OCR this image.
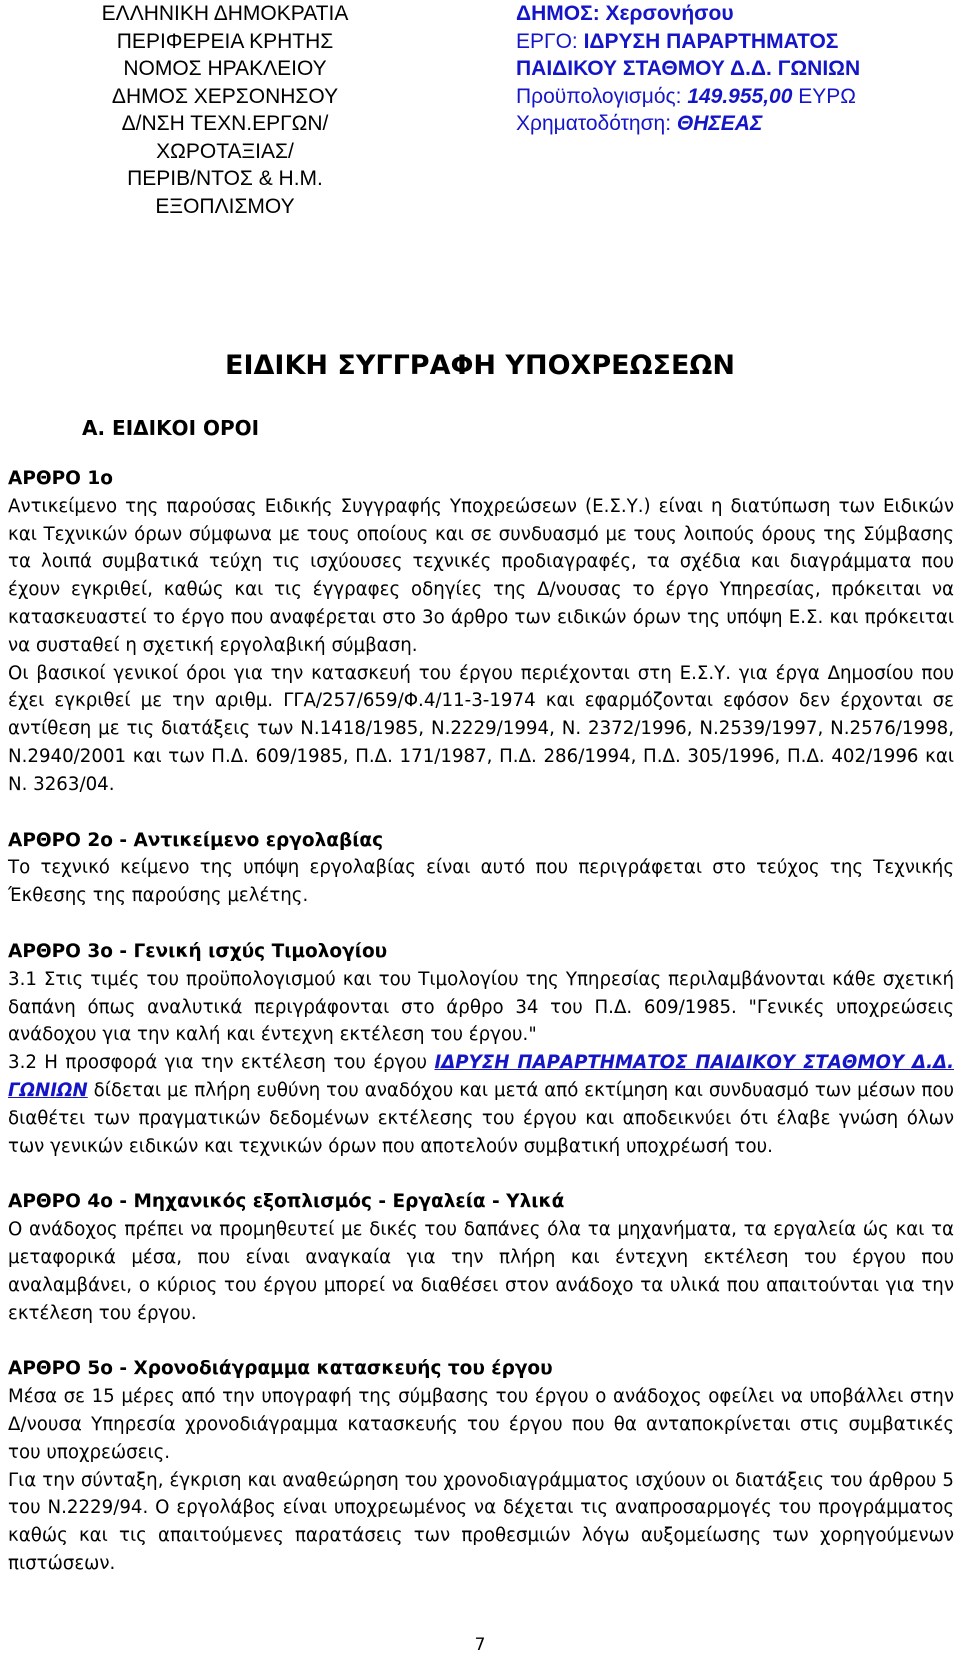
ΕΛΛΗΝΙΚΗ ΔΗΜΟΚΡΑΤΙΑ
ΠΕΡΙΦΕΡΕΙΑ ΚΡΗΤΗΣ
ΝΟΜΟΣ ΗΡΑΚΛΕΙΟΥ
ΔΗΜΟΣ ΧΕΡΣΟΝΗΣΟΥ
Δ/ΝΣΗ ΤΕΧΝ.ΕΡΓΩΝ/ΧΩΡΟΤΑΞΙΑΣ/
ΠΕΡΙΒ/ΝΤΟΣ & Η.Μ. ΕΞΟΠΛΙΣΜΟΥ
ΔΗΜΟΣ: Χερσονήσου
ΕΡΓΟ: ΙΔΡΥΣΗ ΠΑΡΑΡΤΗΜΑΤΟΣ
ΠΑΙΔΙΚΟΥ ΣΤΑΘΜΟΥ Δ.Δ. ΓΩΝΙΩΝ
Προϋπολογισμός: 149.955,00 ΕΥΡΩ
Χρηματοδότηση: ΘΗΣΕΑΣ
ΕΙΔΙΚΗ ΣΥΓΓΡΑΦΗ ΥΠΟΧΡΕΩΣΕΩΝ
Α. ΕΙΔΙΚΟΙ ΟΡΟΙ
ΑΡΘΡΟ 1ο

Αντικείμενο της παρούσας Ειδικής Συγγραφής Υποχρεώσεων (Ε.Σ.Υ.) είναι η διατύπωση των Ειδικών και Τεχνικών όρων σύμφωνα με τους οποίους και σε συνδυασμό με τους λοιπούς όρους της Σύμβασης τα λοιπά συμβατικά τεύχη τις ισχύουσες τεχνικές προδιαγραφές, τα σχέδια και διαγράμματα που έχουν εγκριθεί, καθώς και τις έγγραφες οδηγίες της Δ/νουσας το έργο Υπηρεσίας, πρόκειται να κατασκευαστεί το έργο που αναφέρεται στο 3ο άρθρο των ειδικών όρων της υπόψη Ε.Σ. και πρόκειται να συσταθεί η σχετική εργολαβική σύμβαση.

Οι βασικοί γενικοί όροι για την κατασκευή του έργου περιέχονται στη Ε.Σ.Υ. για έργα Δημοσίου που έχει εγκριθεί με την αριθμ. ΓΓΑ/257/659/Φ.4/11-3-1974 και εφαρμόζονται εφόσον δεν έρχονται σε αντίθεση με τις διατάξεις των Ν.1418/1985, Ν.2229/1994, Ν. 2372/1996, Ν.2539/1997, Ν.2576/1998, Ν.2940/2001 και των Π.Δ. 609/1985, Π.Δ. 171/1987, Π.Δ. 286/1994, Π.Δ. 305/1996, Π.Δ. 402/1996 και Ν. 3263/04.

ΑΡΘΡΟ 2ο - Αντικείμενο εργολαβίας

Το τεχνικό κείμενο της υπόψη εργολαβίας είναι αυτό που περιγράφεται στο τεύχος της Τεχνικής Έκθεσης της παρούσης μελέτης.

ΑΡΘΡΟ 3ο - Γενική ισχύς Τιμολογίου

3.1 Στις τιμές του προϋπολογισμού και του Τιμολογίου της Υπηρεσίας περιλαμβάνονται κάθε σχετική δαπάνη όπως αναλυτικά περιγράφονται στο άρθρο 34 του Π.Δ. 609/1985. "Γενικές υποχρεώσεις ανάδοχου για την καλή και έντεχνη εκτέλεση του έργου."

3.2 Η προσφορά για την εκτέλεση του έργου ΙΔΡΥΣΗ ΠΑΡΑΡΤΗΜΑΤΟΣ ΠΑΙΔΙΚΟΥ ΣΤΑΘΜΟΥ Δ.Δ. ΓΩΝΙΩΝ δίδεται με πλήρη ευθύνη του αναδόχου και μετά από εκτίμηση και συνδυασμό των μέσων που διαθέτει των πραγματικών δεδομένων εκτέλεσης του έργου και αποδεικνύει ότι έλαβε γνώση όλων των γενικών ειδικών και τεχνικών όρων που αποτελούν συμβατική υποχρέωσή του.

ΑΡΘΡΟ 4ο - Μηχανικός εξοπλισμός - Εργαλεία - Υλικά

Ο ανάδοχος πρέπει να προμηθευτεί με δικές του δαπάνες όλα τα μηχανήματα, τα εργαλεία ώς και τα μεταφορικά μέσα, που είναι αναγκαία για την πλήρη και έντεχνη εκτέλεση του έργου που αναλαμβάνει, ο κύριος του έργου μπορεί να διαθέσει στον ανάδοχο τα υλικά που απαιτούνται για την εκτέλεση του έργου.

ΑΡΘΡΟ 5ο - Χρονοδιάγραμμα κατασκευής του έργου

Μέσα σε 15 μέρες από την υπογραφή της σύμβασης του έργου ο ανάδοχος οφείλει να υποβάλλει στην Δ/νουσα Υπηρεσία χρονοδιάγραμμα κατασκευής του έργου που θα ανταποκρίνεται στις συμβατικές του υποχρεώσεις.

Για την σύνταξη, έγκριση και αναθεώρηση του χρονοδιαγράμματος ισχύουν οι διατάξεις του άρθρου 5 του Ν.2229/94. Ο εργολάβος είναι υποχρεωμένος να δέχεται τις αναπροσαρμογές του προγράμματος καθώς και τις απαιτούμενες παρατάσεις των προθεσμιών λόγω αυξομείωσης των χορηγούμενων πιστώσεων.

7
